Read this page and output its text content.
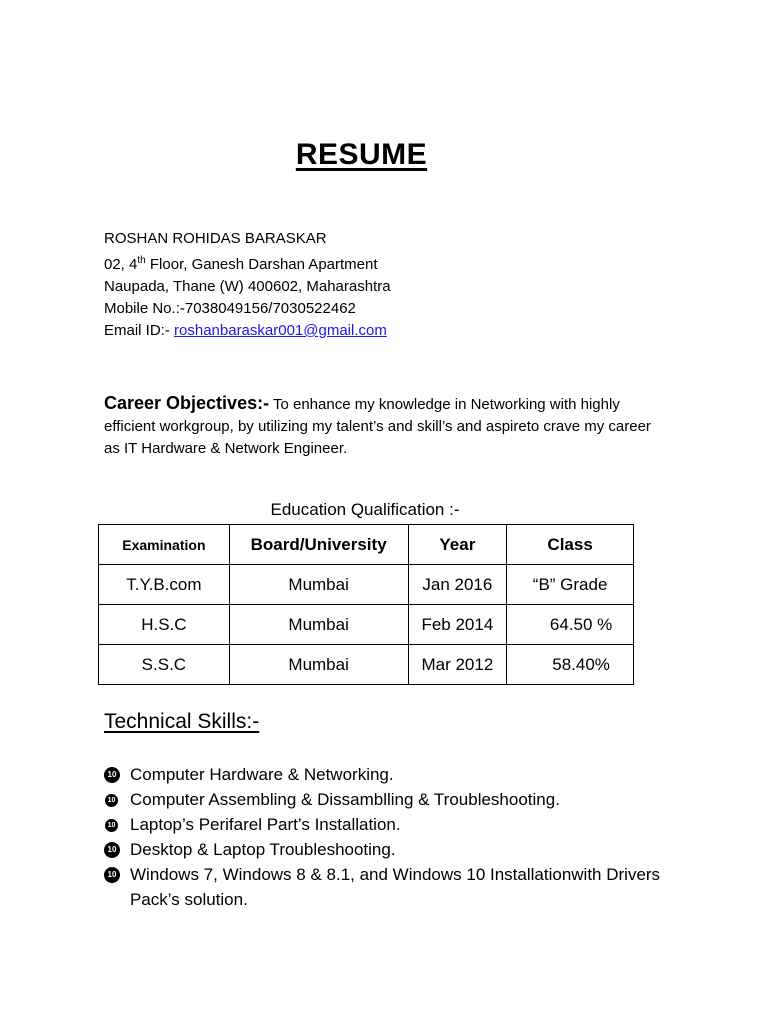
RESUME
ROSHAN ROHIDAS BARASKAR
02, 4th Floor, Ganesh Darshan Apartment
Naupada, Thane (W) 400602, Maharashtra
Mobile No.:-7038049156/7030522462
Email ID:- roshanbaraskar001@gmail.com
Career Objectives:- To enhance my knowledge in Networking with highly efficient workgroup, by utilizing my talent’s and skill’s and aspireto crave my career as IT Hardware & Network Engineer.
Education Qualification :-
Examination	Board/University	Year	Class
T.Y.B.com	Mumbai	Jan 2016	“B” Grade
H.S.C	Mumbai	Feb 2014	64.50 %
S.S.C	Mumbai	Mar 2012	58.40%
Technical Skills:-
10 Computer Hardware & Networking.
10 Computer Assembling & Dissamblling & Troubleshooting.
10 Laptop’s Perifarel Part’s Installation.
10 Desktop & Laptop Troubleshooting.
10 Windows 7, Windows 8 & 8.1, and Windows 10 Installationwith Drivers Pack’s solution.
